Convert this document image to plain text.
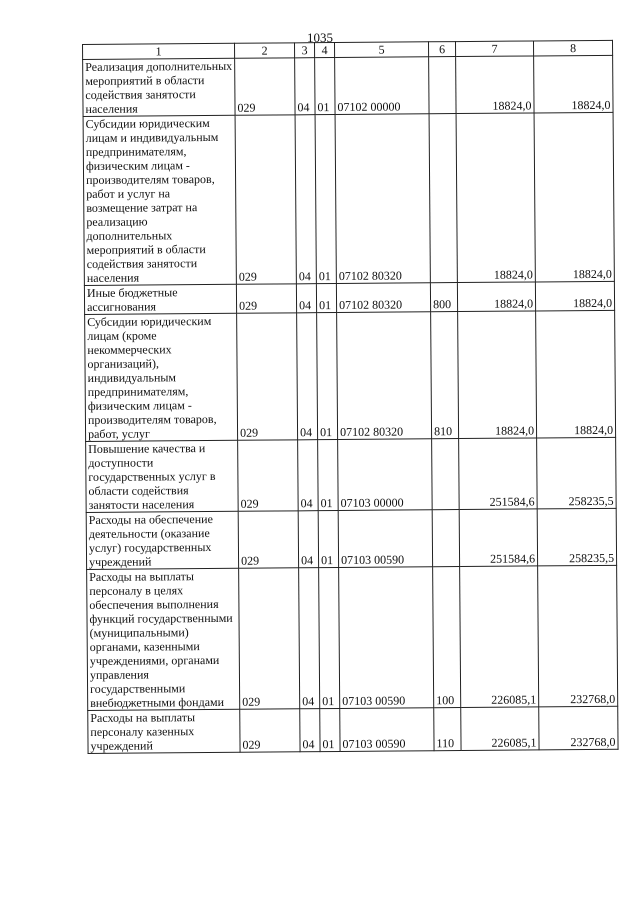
1035
1	2	3	4	5	6	7	8
Реализация дополнительных мероприятий в области содействия занятости населения	029	04	01	07102 00000		18824,0	18824,0
Субсидии юридическим лицам и индивидуальным предпринимателям, физическим лицам - производителям товаров, работ и услуг на возмещение затрат на реализацию дополнительных мероприятий в области содействия занятости населения	029	04	01	07102 80320		18824,0	18824,0
Иные бюджетные ассигнования	029	04	01	07102 80320	800	18824,0	18824,0
Субсидии юридическим лицам (кроме некоммерческих организаций), индивидуальным предпринимателям, физическим лицам - производителям товаров, работ, услуг	029	04	01	07102 80320	810	18824,0	18824,0
Повышение качества и доступности государственных услуг в области содействия занятости населения	029	04	01	07103 00000		251584,6	258235,5
Расходы на обеспечение деятельности (оказание услуг) государственных учреждений	029	04	01	07103 00590		251584,6	258235,5
Расходы на выплаты персоналу в целях обеспечения выполнения функций государственными (муниципальными) органами, казенными учреждениями, органами управления государственными внебюджетными фондами	029	04	01	07103 00590	100	226085,1	232768,0
Расходы на выплаты персоналу казенных учреждений	029	04	01	07103 00590	110	226085,1	232768,0
